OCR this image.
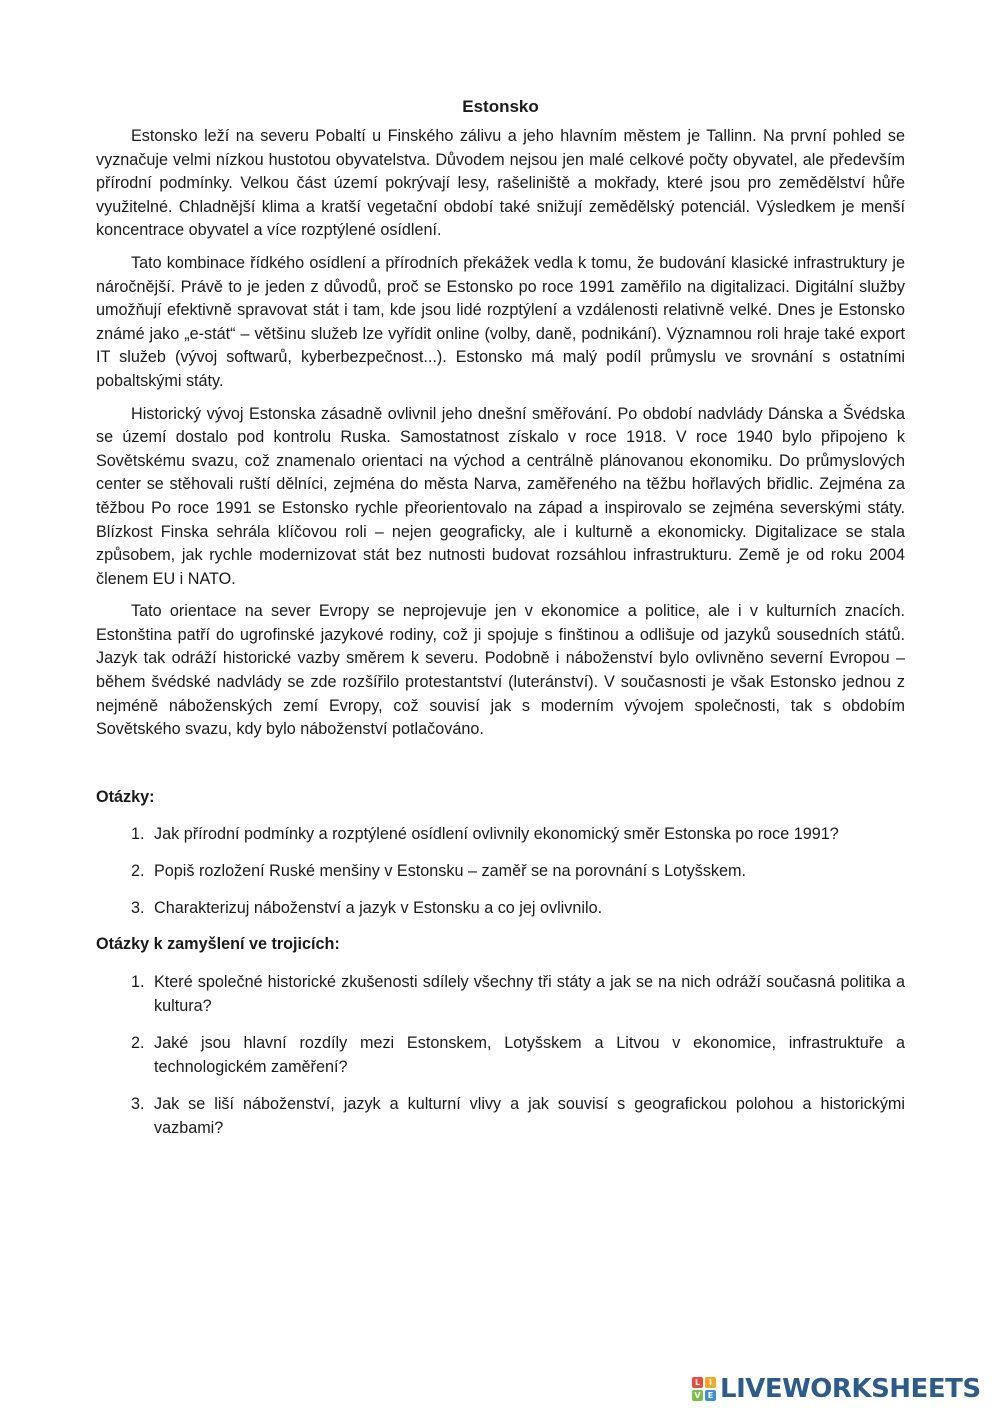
Estonsko

Estonsko leží na severu Pobaltí u Finského zálivu a jeho hlavním městem je Tallinn. Na první pohled se vyznačuje velmi nízkou hustotou obyvatelstva. Důvodem nejsou jen malé celkové počty obyvatel, ale především přírodní podmínky. Velkou část území pokrývají lesy, rašeliniště a mokřady, které jsou pro zemědělství hůře využitelné. Chladnější klima a kratší vegetační období také snižují zemědělský potenciál. Výsledkem je menší koncentrace obyvatel a více rozptýlené osídlení.

Tato kombinace řídkého osídlení a přírodních překážek vedla k tomu, že budování klasické infrastruktury je náročnější. Právě to je jeden z důvodů, proč se Estonsko po roce 1991 zaměřilo na digitalizaci. Digitální služby umožňují efektivně spravovat stát i tam, kde jsou lidé rozptýlení a vzdálenosti relativně velké. Dnes je Estonsko známé jako „e-stát“ – většinu služeb lze vyřídit online (volby, daně, podnikání). Významnou roli hraje také export IT služeb (vývoj softwarů, kyberbezpečnost...). Estonsko má malý podíl průmyslu ve srovnání s ostatními pobaltskými státy.

Historický vývoj Estonska zásadně ovlivnil jeho dnešní směřování. Po období nadvlády Dánska a Švédska se území dostalo pod kontrolu Ruska. Samostatnost získalo v roce 1918. V roce 1940 bylo připojeno k Sovětskému svazu, což znamenalo orientaci na východ a centrálně plánovanou ekonomiku. Do průmyslových center se stěhovali ruští dělníci, zejména do města Narva, zaměřeného na těžbu hořlavých břidlic. Zejména za těžbou Po roce 1991 se Estonsko rychle přeorientovalo na západ a inspirovalo se zejména severskými státy. Blízkost Finska sehrála klíčovou roli – nejen geograficky, ale i kulturně a ekonomicky. Digitalizace se stala způsobem, jak rychle modernizovat stát bez nutnosti budovat rozsáhlou infrastrukturu. Země je od roku 2004 členem EU i NATO.

Tato orientace na sever Evropy se neprojevuje jen v ekonomice a politice, ale i v kulturních znacích. Estonština patří do ugrofinské jazykové rodiny, což ji spojuje s finštinou a odlišuje od jazyků sousedních států. Jazyk tak odráží historické vazby směrem k severu. Podobně i náboženství bylo ovlivněno severní Evropou – během švédské nadvlády se zde rozšířilo protestantství (luteránství). V současnosti je však Estonsko jednou z nejméně náboženských zemí Evropy, což souvisí jak s moderním vývojem společnosti, tak s obdobím Sovětského svazu, kdy bylo náboženství potlačováno.

Otázky:
1. Jak přírodní podmínky a rozptýlené osídlení ovlivnily ekonomický směr Estonska po roce 1991?
2. Popiš rozložení Ruské menšiny v Estonsku – zaměř se na porovnání s Lotyšskem.
3. Charakterizuj náboženství a jazyk v Estonsku a co jej ovlivnilo.
Otázky k zamyšlení ve trojicích:
1. Které společné historické zkušenosti sdílely všechny tři státy a jak se na nich odráží současná politika a kultura?
2. Jaké jsou hlavní rozdíly mezi Estonskem, Lotyšskem a Litvou v ekonomice, infrastruktuře a technologickém zaměření?
3. Jak se liší náboženství, jazyk a kulturní vlivy a jak souvisí s geografickou polohou a historickými vazbami?
L	I
V E LIVEWORKSHEETS
